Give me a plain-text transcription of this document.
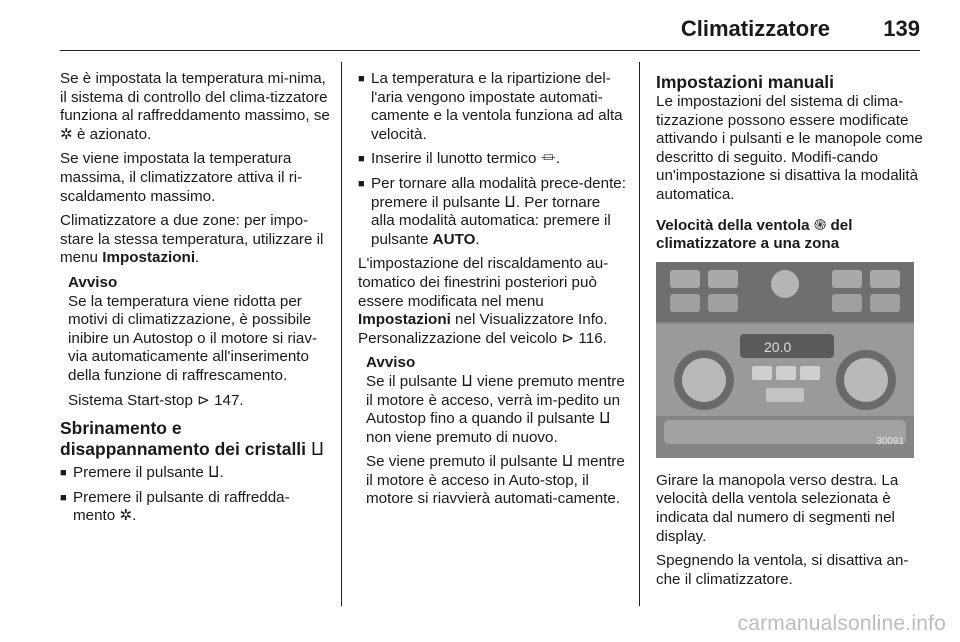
Climatizzatore 139

Se è impostata la temperatura mi-nima, il sistema di controllo del clima-tizzatore funziona al raffreddamento massimo, se ✲ è azionato.

Se viene impostata la temperatura massima, il climatizzatore attiva il ri-scaldamento massimo.

Climatizzatore a due zone: per impo-stare la stessa temperatura, utilizzare il menu Impostazioni.

Avviso

Se la temperatura viene ridotta per motivi di climatizzazione, è possibile inibire un Autostop o il motore si riav-via automaticamente all'inserimento della funzione di raffrescamento.

Sistema Start-stop ⊳ 147.

Sbrinamento e disappannamento dei cristalli ⵡ
■ Premere il pulsante ⵡ.
■ Premere il pulsante di raffredda-mento ✲.
■ La temperatura e la ripartizione del-l'aria vengono impostate automati-camente e la ventola funziona ad alta velocità.
■ Inserire il lunotto termico ⏛.
■ Per tornare alla modalità prece-dente: premere il pulsante ⵡ. Per tornare alla modalità automatica: premere il pulsante AUTO.

L'impostazione del riscaldamento au-tomatico dei finestrini posteriori può essere modificata nel menu Impostazioni nel Visualizzatore Info. Personalizzazione del veicolo ⊳ 116.

Avviso

Se il pulsante ⵡ viene premuto mentre il motore è acceso, verrà im-pedito un Autostop fino a quando il pulsante ⵡ non viene premuto di nuovo.

Se viene premuto il pulsante ⵡ mentre il motore è acceso in Auto-stop, il motore si riavvierà automati-camente.

Impostazioni manuali

Le impostazioni del sistema di clima-tizzazione possono essere modificate attivando i pulsanti e le manopole come descritto di seguito. Modifi-cando un'impostazione si disattiva la modalità automatica.

Velocità della ventola ֍ del climatizzatore a una zona
20.0
30091

Girare la manopola verso destra. La velocità della ventola selezionata è indicata dal numero di segmenti nel display.

Spegnendo la ventola, si disattiva an-che il climatizzatore.

carmanualsonline.info
